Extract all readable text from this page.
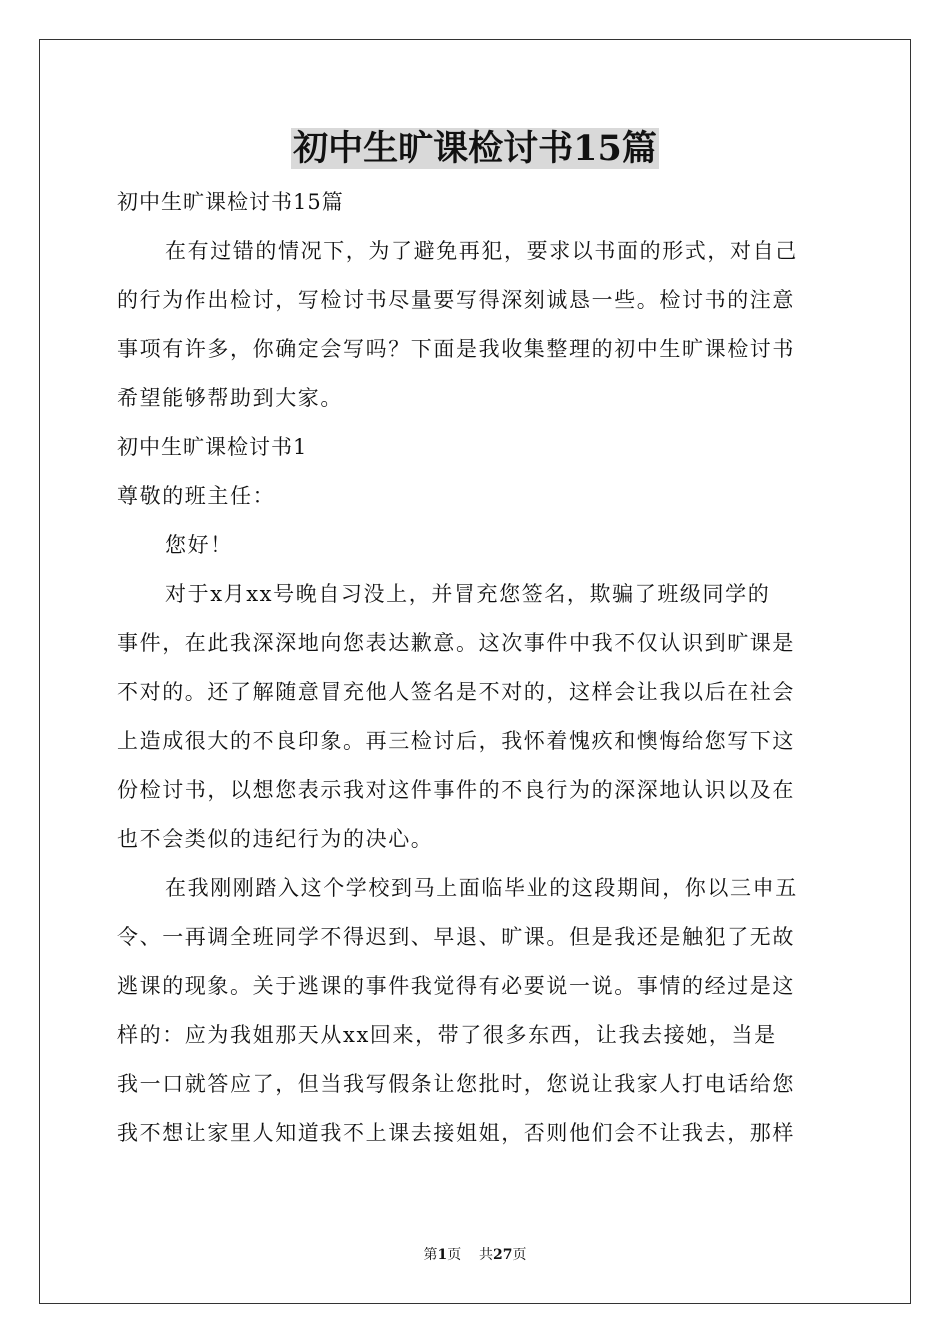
初中生旷课检讨书15篇
初中生旷课检讨书15篇
在有过错的情况下，为了避免再犯，要求以书面的形式，对自己
的行为作出检讨，写检讨书尽量要写得深刻诚恳一些。检讨书的注意
事项有许多，你确定会写吗？下面是我收集整理的初中生旷课检讨书
希望能够帮助到大家。
初中生旷课检讨书1
尊敬的班主任：
您好！
对于x月xx号晚自习没上，并冒充您签名，欺骗了班级同学的
事件，在此我深深地向您表达歉意。这次事件中我不仅认识到旷课是
不对的。还了解随意冒充他人签名是不对的，这样会让我以后在社会
上造成很大的不良印象。再三检讨后，我怀着愧疚和懊悔给您写下这
份检讨书，以想您表示我对这件事件的不良行为的深深地认识以及在
也不会类似的违纪行为的决心。
在我刚刚踏入这个学校到马上面临毕业的这段期间，你以三申五
令、一再调全班同学不得迟到、早退、旷课。但是我还是触犯了无故
逃课的现象。关于逃课的事件我觉得有必要说一说。事情的经过是这
样的：应为我姐那天从xx回来，带了很多东西，让我去接她，当是
我一口就答应了，但当我写假条让您批时，您说让我家人打电话给您
我不想让家里人知道我不上课去接姐姐，否则他们会不让我去，那样
第1页 共27页
